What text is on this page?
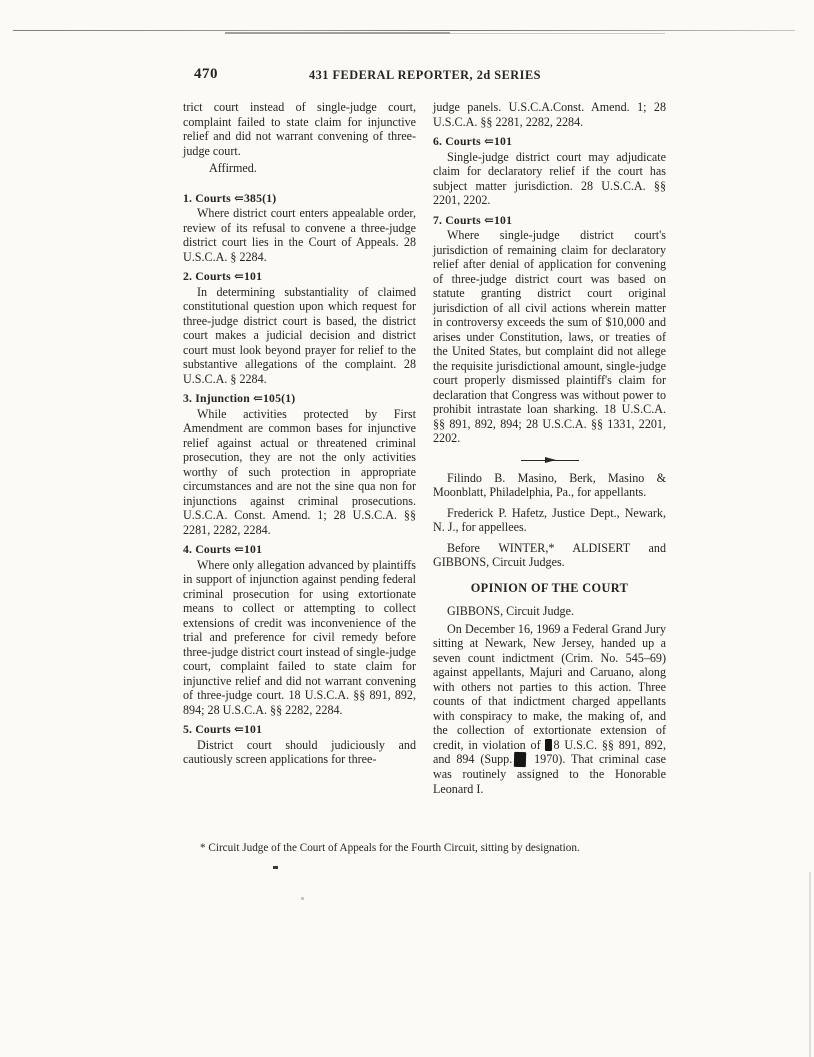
470	431 FEDERAL REPORTER, 2d SERIES

trict court instead of single-judge court, complaint failed to state claim for injunctive relief and did not warrant convening of three-judge court.

Affirmed.

1. Courts ⇐385(1)

Where district court enters appealable order, review of its refusal to convene a three-judge district court lies in the Court of Appeals. 28 U.S.C.A. § 2284.

2. Courts ⇐101

In determining substantiality of claimed constitutional question upon which request for three-judge district court is based, the district court makes a judicial decision and district court must look beyond prayer for relief to the substantive allegations of the complaint. 28 U.S.C.A. § 2284.

3. Injunction ⇐105(1)

While activities protected by First Amendment are common bases for injunctive relief against actual or threatened criminal prosecution, they are not the only activities worthy of such protection in appropriate circumstances and are not the sine qua non for injunctions against criminal prosecutions. U.S.C.A. Const. Amend. 1; 28 U.S.C.A. §§ 2281, 2282, 2284.

4. Courts ⇐101

Where only allegation advanced by plaintiffs in support of injunction against pending federal criminal prosecution for using extortionate means to collect or attempting to collect extensions of credit was inconvenience of the trial and preference for civil remedy before three-judge district court instead of single-judge court, complaint failed to state claim for injunctive relief and did not warrant convening of three-judge court. 18 U.S.C.A. §§ 891, 892, 894; 28 U.S.C.A. §§ 2282, 2284.

5. Courts ⇐101

District court should judiciously and cautiously screen applications for three-

judge panels. U.S.C.A.Const. Amend. 1; 28 U.S.C.A. §§ 2281, 2282, 2284.

6. Courts ⇐101

Single-judge district court may adjudicate claim for declaratory relief if the court has subject matter jurisdiction. 28 U.S.C.A. §§ 2201, 2202.

7. Courts ⇐101

Where single-judge district court's jurisdiction of remaining claim for declaratory relief after denial of application for convening of three-judge district court was based on statute granting district court original jurisdiction of all civil actions wherein matter in controversy exceeds the sum of $10,000 and arises under Constitution, laws, or treaties of the United States, but complaint did not allege the requisite jurisdictional amount, single-judge court properly dismissed plaintiff's claim for declaration that Congress was without power to prohibit intrastate loan sharking. 18 U.S.C.A. §§ 891, 892, 894; 28 U.S.C.A. §§ 1331, 2201, 2202.

Filindo B. Masino, Berk, Masino & Moonblatt, Philadelphia, Pa., for appellants.

Frederick P. Hafetz, Justice Dept., Newark, N. J., for appellees.

Before WINTER,* ALDISERT and GIBBONS, Circuit Judges.

OPINION OF THE COURT

GIBBONS, Circuit Judge.

On December 16, 1969 a Federal Grand Jury sitting at Newark, New Jersey, handed up a seven count indictment (Crim. No. 545–69) against appellants, Majuri and Caruano, along with others not parties to this action. Three counts of that indictment charged appellants with conspiracy to make, the making of, and the collection of extortionate extension of credit, in violation of 8 U.S.C. §§ 891, 892, and 894 (Supp. 1970). That criminal case was routinely assigned to the Honorable Leonard I.

* Circuit Judge of the Court of Appeals for the Fourth Circuit, sitting by designation.
